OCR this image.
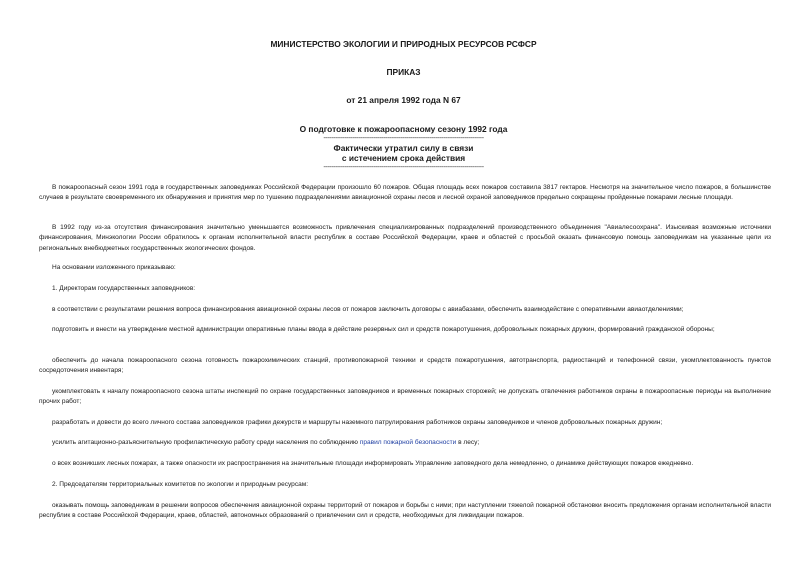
МИНИСТЕРСТВО ЭКОЛОГИИ И ПРИРОДНЫХ РЕСУРСОВ РСФСР
ПРИКАЗ
от 21 апреля 1992 года N 67
О подготовке к пожароопасному сезону 1992 года
-----------------------------------------------------------------------------------
Фактически утратил силу в связи
с истечением срока действия
-----------------------------------------------------------------------------------
В пожароопасный сезон 1991 года в государственных заповедниках Российской Федерации произошло 60 пожаров. Общая площадь всех пожаров составила 3817 гектаров. Несмотря на значительное число пожаров, в большинстве случаев в результате своевременного их обнаружения и принятия мер по тушению подразделениями авиационной охраны лесов и лесной охраной заповедников предельно сокращены пройденные пожарами лесные площади.
В 1992 году из-за отсутствия финансирования значительно уменьшается возможность привлечения специализированных подразделений производственного объединения "Авиалесоохрана". Изыскивая возможные источники финансирования, Минэкологии России обратилось к органам исполнительной власти республик в составе Российской Федерации, краев и областей с просьбой оказать финансовую помощь заповедникам на указанные цели из региональных внебюджетных государственных экологических фондов.
На основании изложенного приказываю:
1. Директорам государственных заповедников:
в соответствии с результатами решения вопроса финансирования авиационной охраны лесов от пожаров заключить договоры с авиабазами, обеспечить взаимодействие с оперативными авиаотделениями;
подготовить и внести на утверждение местной администрации оперативные планы ввода в действие резервных сил и средств пожаротушения, добровольных пожарных дружин, формирований гражданской обороны;
обеспечить до начала пожароопасного сезона готовность пожарохимических станций, противопожарной техники и средств пожаротушения, автотранспорта, радиостанций и телефонной связи, укомплектованность пунктов сосредоточения инвентаря;
укомплектовать к началу пожароопасного сезона штаты инспекций по охране государственных заповедников и временных пожарных сторожей; не допускать отвлечения работников охраны в пожароопасные периоды на выполнение прочих работ;
разработать и довести до всего личного состава заповедников графики дежурств и маршруты наземного патрулирования работников охраны заповедников и членов добровольных пожарных дружин;
усилить агитационно-разъяснительную профилактическую работу среди населения по соблюдению правил пожарной безопасности в лесу;
о всех возникших лесных пожарах, а также опасности их распространения на значительные площади информировать Управление заповедного дела немедленно, о динамике действующих пожаров ежедневно.
2. Председателям территориальных комитетов по экологии и природным ресурсам:
оказывать помощь заповедникам в решении вопросов обеспечения авиационной охраны территорий от пожаров и борьбы с ними; при наступлении тяжелой пожарной обстановки вносить предложения органам исполнительной власти республик в составе Российской Федерации, краев, областей, автономных образований о привлечении сил и средств, необходимых для ликвидации пожаров.
